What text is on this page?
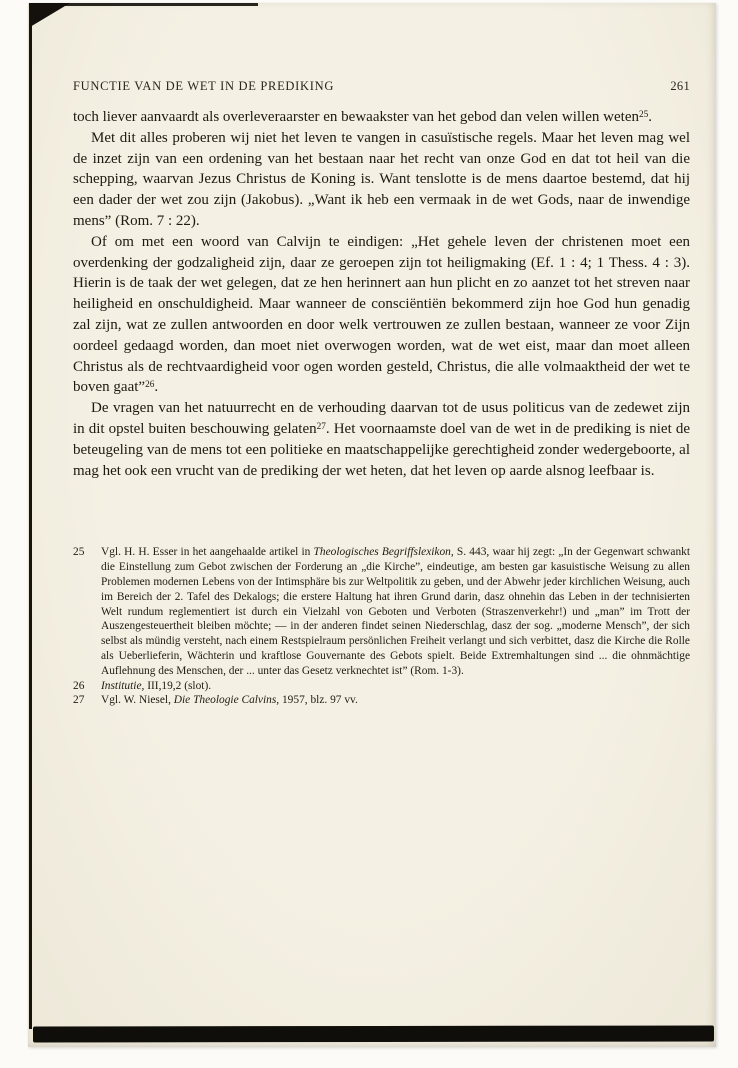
FUNCTIE VAN DE WET IN DE PREDIKING	261

toch liever aanvaardt als overleveraarster en bewaakster van het gebod dan velen willen weten$^{25}$.

Met dit alles proberen wij niet het leven te vangen in casuïstische regels. Maar het leven mag wel de inzet zijn van een ordening van het bestaan naar het recht van onze God en dat tot heil van die schepping, waarvan Jezus Christus de Koning is. Want tenslotte is de mens daartoe bestemd, dat hij een dader der wet zou zijn (Jakobus). „Want ik heb een vermaak in de wet Gods, naar de inwendige mens” (Rom. 7 : 22).

Of om met een woord van Calvijn te eindigen: „Het gehele leven der christenen moet een overdenking der godzaligheid zijn, daar ze geroepen zijn tot heiligmaking (Ef. 1 : 4; 1 Thess. 4 : 3). Hierin is de taak der wet gelegen, dat ze hen herinnert aan hun plicht en zo aanzet tot het streven naar heiligheid en onschuldigheid. Maar wanneer de consciëntiën bekommerd zijn hoe God hun genadig zal zijn, wat ze zullen antwoorden en door welk vertrouwen ze zullen bestaan, wanneer ze voor Zijn oordeel gedaagd worden, dan moet niet overwogen worden, wat de wet eist, maar dan moet alleen Christus als de rechtvaardigheid voor ogen worden gesteld, Christus, die alle volmaaktheid der wet te boven gaat”$^{26}$.

De vragen van het natuurrecht en de verhouding daarvan tot de usus politicus van de zedewet zijn in dit opstel buiten beschouwing gelaten$^{27}$. Het voornaamste doel van de wet in de prediking is niet de beteugeling van de mens tot een politieke en maatschappelijke gerechtigheid zonder wedergeboorte, al mag het ook een vrucht van de prediking der wet heten, dat het leven op aarde alsnog leefbaar is.

25	Vgl. H. H. Esser in het aangehaalde artikel in Theologisches Begriffslexikon, S. 443, waar hij zegt: „In der Gegenwart schwankt die Einstellung zum Gebot zwischen der Forderung an „die Kirche”, eindeutige, am besten gar kasuistische Weisung zu allen Problemen modernen Lebens von der Intimsphäre bis zur Weltpolitik zu geben, und der Abwehr jeder kirchlichen Weisung, auch im Bereich der 2. Tafel des Dekalogs; die erstere Haltung hat ihren Grund darin, dasz ohnehin das Leben in der technisierten Welt rundum reglementiert ist durch ein Vielzahl von Geboten und Verboten (Straszenverkehr!) und „man” im Trott der Auszengesteuertheit bleiben möchte; — in der anderen findet seinen Niederschlag, dasz der sog. „moderne Mensch”, der sich selbst als mündig versteht, nach einem Restspielraum persönlichen Freiheit verlangt und sich verbittet, dasz die Kirche die Rolle als Ueberlieferin, Wächterin und kraftlose Gouvernante des Gebots spielt. Beide Extremhaltungen sind ... die ohnmächtige Auflehnung des Menschen, der ... unter das Gesetz verknechtet ist” (Rom. 1-3).
26	Institutie, III,19,2 (slot).
27	Vgl. W. Niesel, Die Theologie Calvins, 1957, blz. 97 vv.
